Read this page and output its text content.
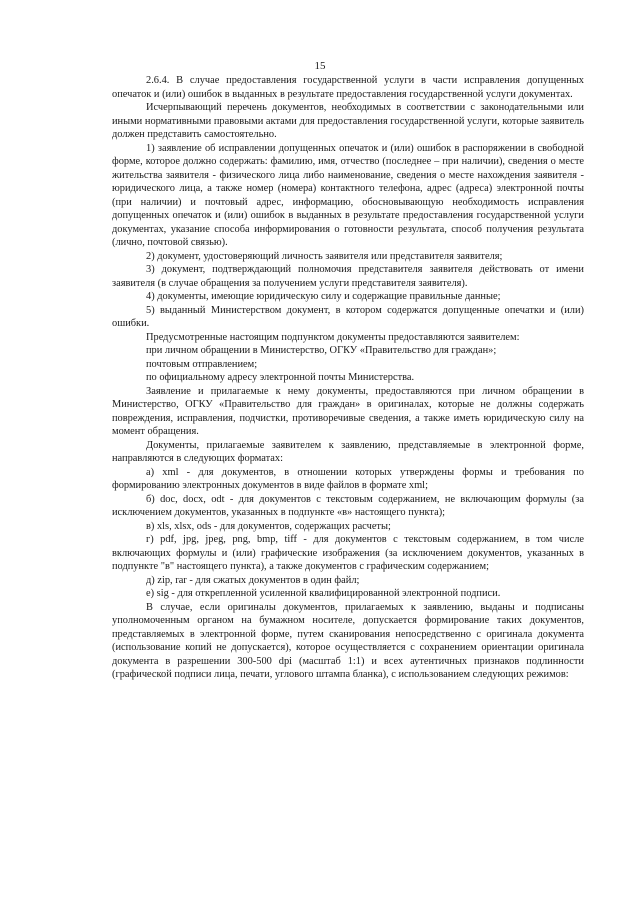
15

2.6.4. В случае предоставления государственной услуги в части исправления допущенных опечаток и (или) ошибок в выданных в результате предоставления государственной услуги документах.

Исчерпывающий перечень документов, необходимых в соответствии с законодательными или иными нормативными правовыми актами для предоставления государственной услуги, которые заявитель должен представить самостоятельно.

1) заявление об исправлении допущенных опечаток и (или) ошибок в распоряжении в свободной форме, которое должно содержать: фамилию, имя, отчество (последнее – при наличии), сведения о месте жительства заявителя - физического лица либо наименование, сведения о месте нахождения заявителя - юридического лица, а также номер (номера) контактного телефона, адрес (адреса) электронной почты (при наличии) и почтовый адрес, информацию, обосновывающую необходимость исправления допущенных опечаток и (или) ошибок в выданных в результате предоставления государственной услуги документах, указание способа информирования о готовности результата, способ получения результата (лично, почтовой связью).

2) документ, удостоверяющий личность заявителя или представителя заявителя;

3) документ, подтверждающий полномочия представителя заявителя действовать от имени заявителя (в случае обращения за получением услуги представителя заявителя).

4) документы, имеющие юридическую силу и содержащие правильные данные;

5) выданный Министерством документ, в котором содержатся допущенные опечатки и (или) ошибки.

Предусмотренные настоящим подпунктом документы предоставляются заявителем:

при личном обращении в Министерство, ОГКУ «Правительство для граждан»;

почтовым отправлением;

по официальному адресу электронной почты Министерства.

Заявление и прилагаемые к нему документы, предоставляются при личном обращении в Министерство, ОГКУ «Правительство для граждан» в оригиналах, которые не должны содержать повреждения, исправления, подчистки, противоречивые сведения, а также иметь юридическую силу на момент обращения.

Документы, прилагаемые заявителем к заявлению, представляемые в электронной форме, направляются в следующих форматах:

а) xml - для документов, в отношении которых утверждены формы и требования по формированию электронных документов в виде файлов в формате xml;

б) doc, docx, odt - для документов с текстовым содержанием, не включающим формулы (за исключением документов, указанных в подпункте «в» настоящего пункта);

в) xls, xlsx, ods - для документов, содержащих расчеты;

г) pdf, jpg, jpeg, png, bmp, tiff - для документов с текстовым содержанием, в том числе включающих формулы и (или) графические изображения (за исключением документов, указанных в подпункте "в" настоящего пункта), а также документов с графическим содержанием;

д) zip, rar - для сжатых документов в один файл;

е) sig - для открепленной усиленной квалифицированной электронной подписи.

В случае, если оригиналы документов, прилагаемых к заявлению, выданы и подписаны уполномоченным органом на бумажном носителе, допускается формирование таких документов, представляемых в электронной форме, путем сканирования непосредственно с оригинала документа (использование копий не допускается), которое осуществляется с сохранением ориентации оригинала документа в разрешении 300-500 dpi (масштаб 1:1) и всех аутентичных признаков подлинности (графической подписи лица, печати, углового штампа бланка), с использованием следующих режимов:
